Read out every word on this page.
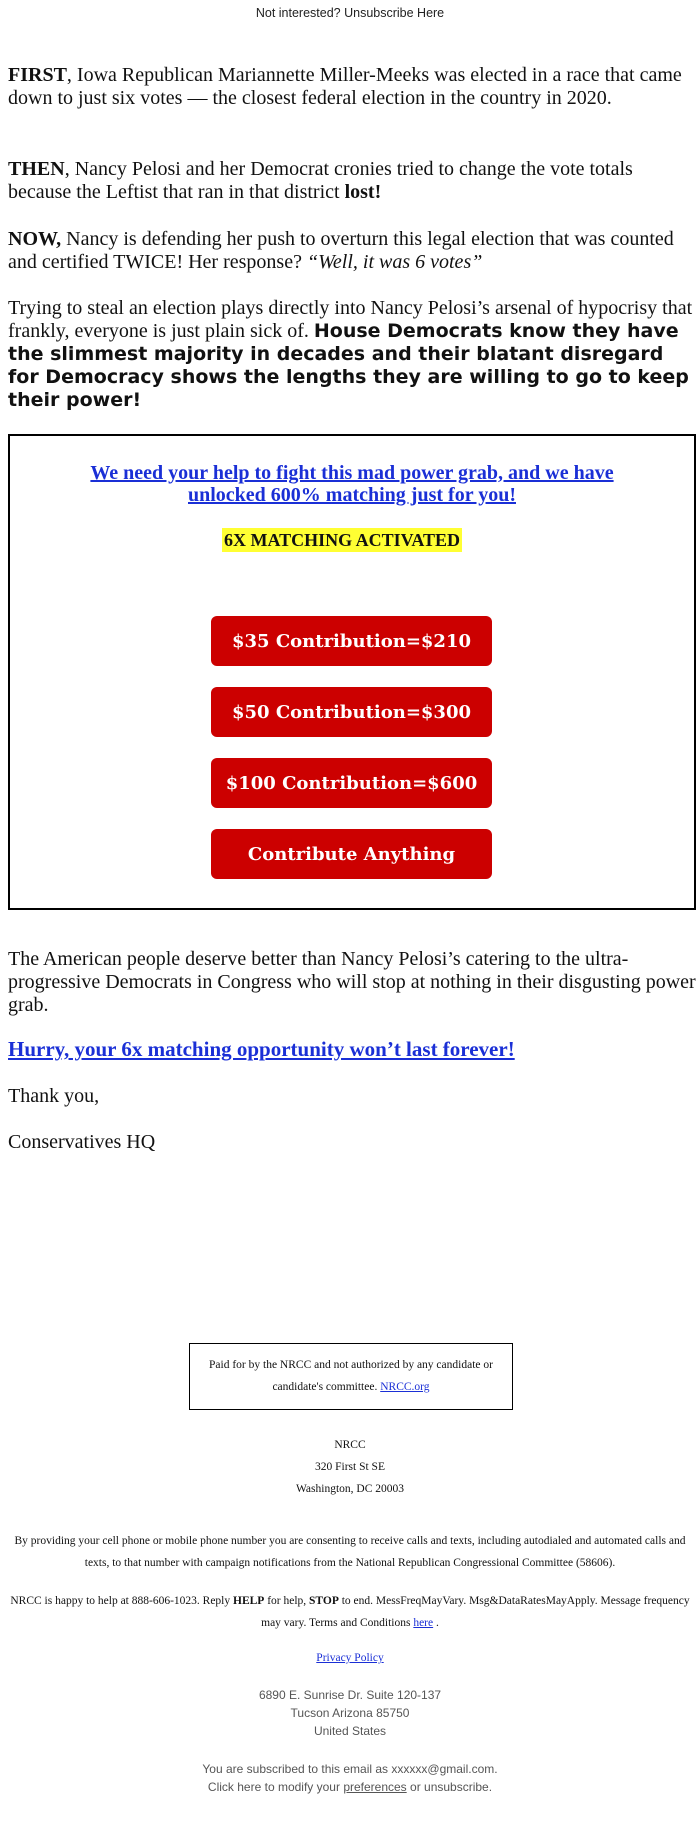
Not interested? Unsubscribe Here
FIRST, Iowa Republican Mariannette Miller-Meeks was elected in a race that came down to just six votes — the closest federal election in the country in 2020.
THEN, Nancy Pelosi and her Democrat cronies tried to change the vote totals because the Leftist that ran in that district lost!
NOW, Nancy is defending her push to overturn this legal election that was counted and certified TWICE! Her response? “Well, it was 6 votes”
Trying to steal an election plays directly into Nancy Pelosi’s arsenal of hypocrisy that frankly, everyone is just plain sick of. House Democrats know they have the slimmest majority in decades and their blatant disregard for Democracy shows the lengths they are willing to go to keep their power!
We need your help to fight this mad power grab, and we have unlocked 600% matching just for you!
6X MATCHING ACTIVATED
$35 Contribution=$210
$50 Contribution=$300
$100 Contribution=$600
Contribute Anything
The American people deserve better than Nancy Pelosi’s catering to the ultra-progressive Democrats in Congress who will stop at nothing in their disgusting power grab.
Hurry, your 6x matching opportunity won’t last forever!
Thank you,
Conservatives HQ
Paid for by the NRCC and not authorized by any candidate or candidate's committee. NRCC.org
NRCC
320 First St SE
Washington, DC 20003
By providing your cell phone or mobile phone number you are consenting to receive calls and texts, including autodialed and automated calls and texts, to that number with campaign notifications from the National Republican Congressional Committee (58606).
NRCC is happy to help at 888-606-1023. Reply HELP for help, STOP to end. MessFreqMayVary. Msg&DataRatesMayApply. Message frequency may vary. Terms and Conditions here .
Privacy Policy
6890 E. Sunrise Dr. Suite 120-137
Tucson Arizona 85750
United States
You are subscribed to this email as xxxxxx@gmail.com.
Click here to modify your preferences or unsubscribe.
